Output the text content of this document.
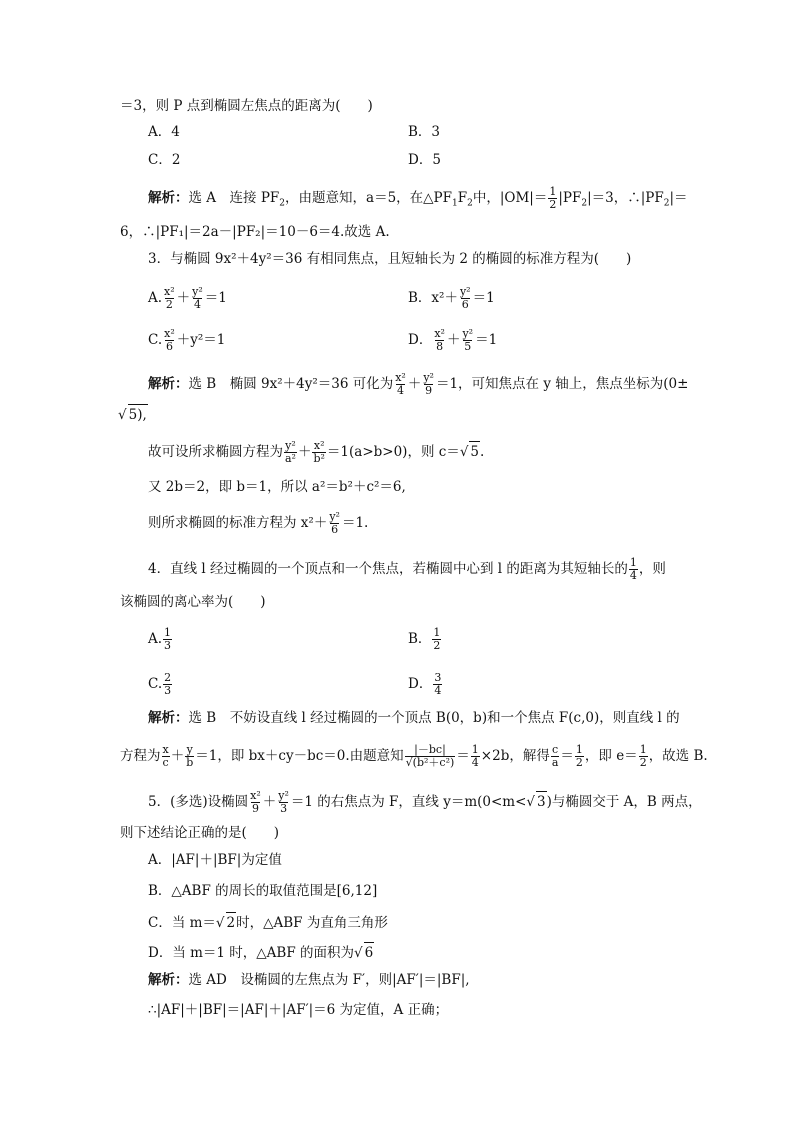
＝3，则 P 点到椭圆左焦点的距离为(　　)
A．4	B．3
C．2	D．5
解析：选 A　连接 $PF_2$，由题意知，a＝5，在$\triangle PF_1F_2$中，$|OM|= \frac{1}{2} |PF_2|=3$，$\therefore|PF_2|=$
6，∴|PF₁|＝2a－|PF₂|＝10－6＝4.故选 A.
3．与椭圆 9x²＋4y²＝36 有相同焦点，且短轴长为 2 的椭圆的标准方程为(　　)
A. $\frac{\text{x²}}{2} + \frac{\text{y²}}{4} =1$	B．$x^2+ \frac{\text{y²}}{6} =1$
C. $\frac{\text{x²}}{6} +y^2=1$	D． $\frac{\text{x²}}{8} + \frac{\text{y²}}{5} =1$
解析：选 B　椭圆 9x²＋4y²＝36 可化为 $\frac{\text{x²}}{4} + \frac{\text{y²}}{9} =1$，可知焦点在 y 轴上，焦点坐标为(0±
√ 5),
故可设所求椭圆方程为 $\frac{\text{y²}}{\text{a²}} + \frac{\text{x²}}{\text{b²}} =1(a>b>0)$，则 c＝√ 5.
又 2b＝2，即 b＝1，所以 a²＝b²＋c²＝6,
则所求椭圆的标准方程为 $x^2+ \frac{\text{y²}}{6} =1$.
4．直线 l 经过椭圆的一个顶点和一个焦点，若椭圆中心到 l 的距离为其短轴长的 $\frac{1}{4}$ ，则
该椭圆的离心率为(　　)
A. $\frac{1}{3}$	B． $\frac{1}{2}$
C. $\frac{2}{3}$	D． $\frac{3}{4}$
解析：选 B　不妨设直线 l 经过椭圆的一个顶点 B(0，b)和一个焦点 F(c,0)，则直线 l 的
方程为 $\frac{x}{c} + \frac{y}{b} =1$，即 bx＋cy－bc＝0.由题意知 $\frac{|-bc|}{\text{√(b²＋c²)}} = \frac{1}{4} \times 2b$，解得 $\frac{c}{a} = \frac{1}{2}$ ，即 $e= \frac{1}{2}$ ，故选 B.
5．(多选)设椭圆 $\frac{\text{x²}}{9} + \frac{\text{y²}}{3} =1$ 的右焦点为 F，直线 y＝m(0<m<√ 3)与椭圆交于 A，B 两点，
则下述结论正确的是(　　)
A．|AF|＋|BF|为定值
B．△ABF 的周长的取值范围是[6,12]
C．当 m＝√ 2时，△ABF 为直角三角形
D．当 m＝1 时，△ABF 的面积为√ 6
解析：选 AD　设椭圆的左焦点为 F′，则|AF′|＝|BF|,
∴|AF|＋|BF|＝|AF|＋|AF′|＝6 为定值，A 正确；
